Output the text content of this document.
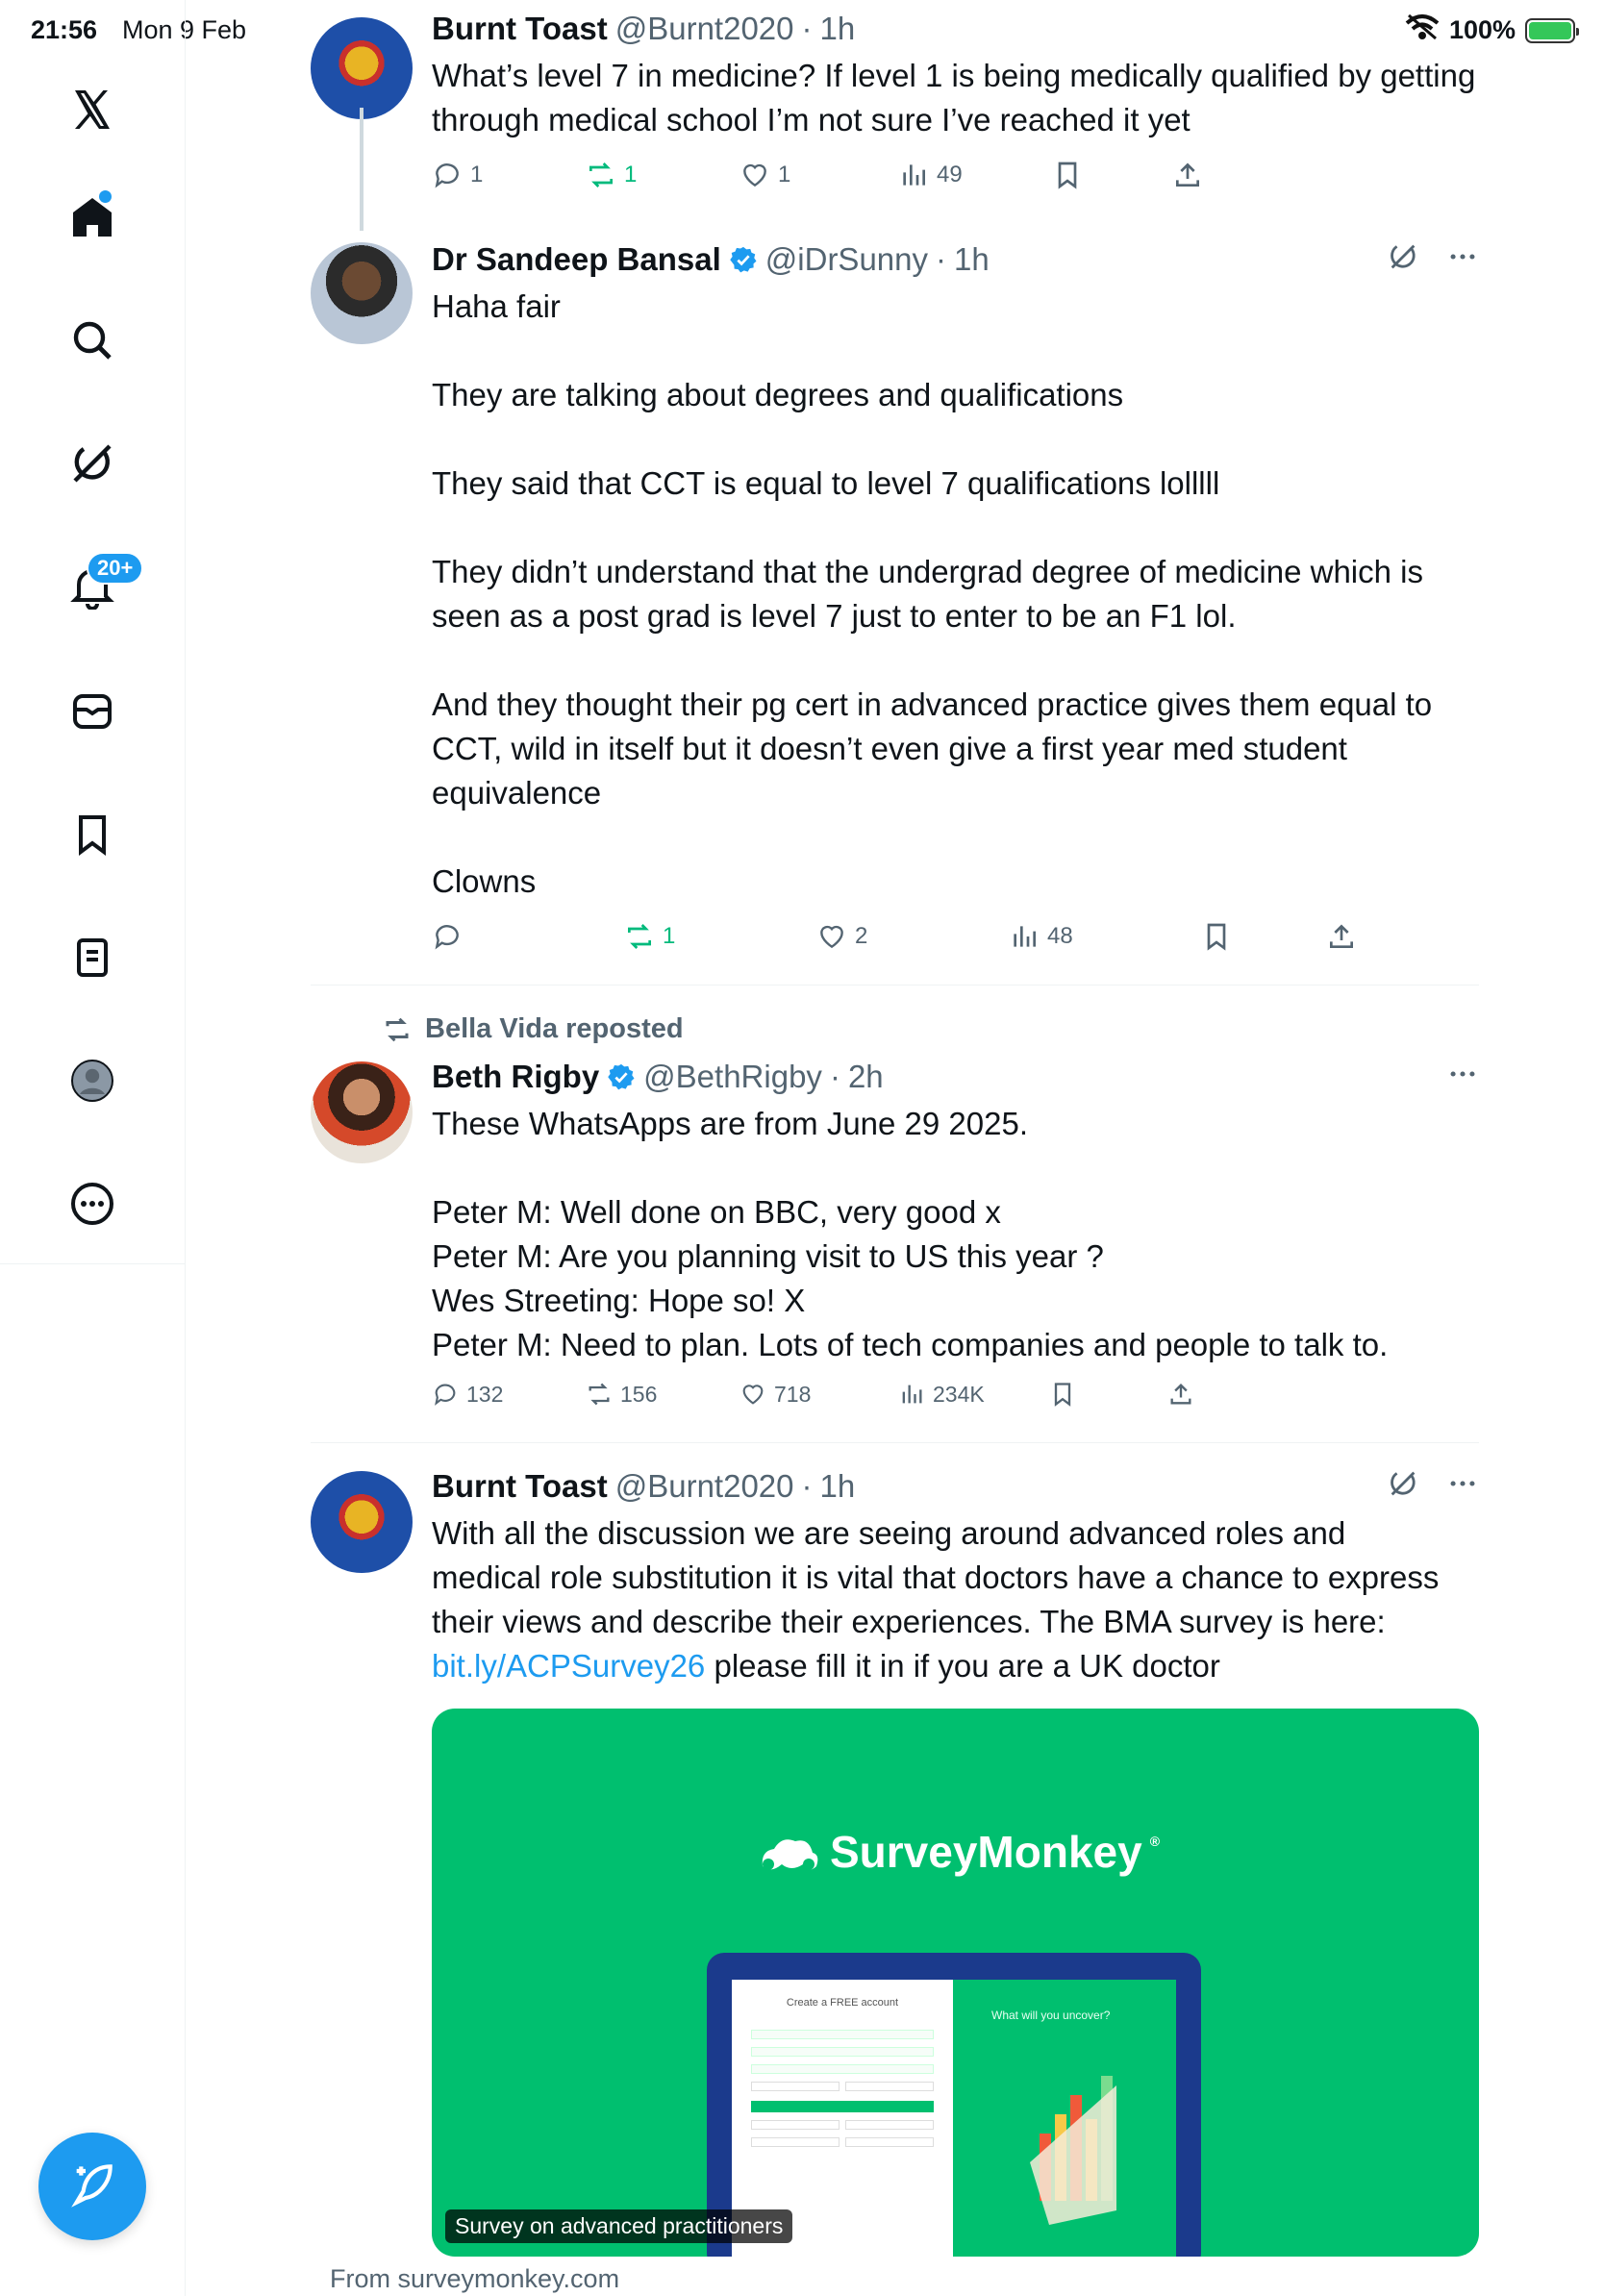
21:56 Mon 9 Feb	100%
20+
Burnt Toast @Burnt2020 · 1h

What’s level 7 in medicine? If level 1 is being medically qualified by getting through medical school I’m not sure I’ve reached it yet

1	1	1	49
Dr Sandeep Bansal @iDrSunny · 1h

Haha fair

They are talking about degrees and qualifications

They said that CCT is equal to level 7 qualifications lolllll

They didn’t understand that the undergrad degree of medicine which is seen as a post grad is level 7 just to enter to be an F1 lol.

And they thought their pg cert in advanced practice gives them equal to CCT, wild in itself but it doesn’t even give a first year med student equivalence

Clowns

1	2	48
Bella Vida reposted
Beth Rigby @BethRigby · 2h

These WhatsApps are from June 29 2025.

Peter M: Well done on BBC, very good x

Peter M: Are you planning visit to US this year ?

Wes Streeting: Hope so! X

Peter M: Need to plan. Lots of tech companies and people to talk to.

132	156	718	234K
Burnt Toast @Burnt2020 · 1h
With all the discussion we are seeing around advanced roles and medical role substitution it is vital that doctors have a chance to express their views and describe their experiences. The BMA survey is here: bit.ly/ACPSurvey26 please fill it in if you are a UK doctor
SurveyMonkey ®
Create a FREE account
What will you uncover?
Survey on advanced practitioners
From surveymonkey.com
